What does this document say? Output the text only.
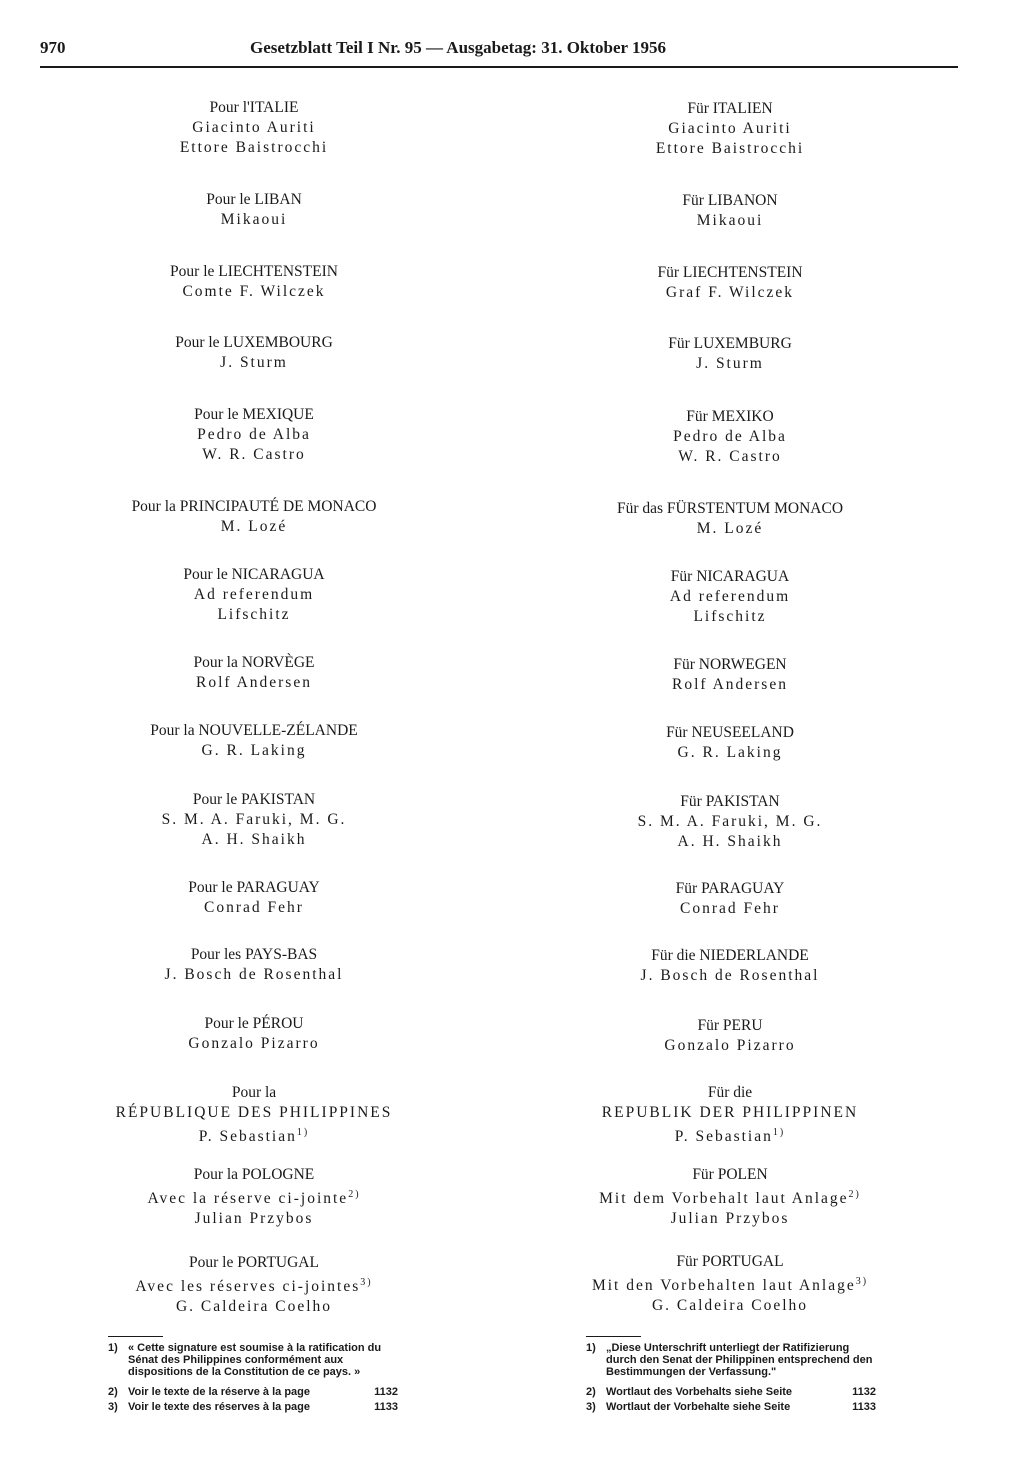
970	Gesetzblatt Teil I Nr. 95 — Ausgabetag: 31. Oktober 1956
Pour l'ITALIE
Giacinto Auriti
Ettore Baistrocchi
Pour le LIBAN
Mikaoui
Pour le LIECHTENSTEIN
Comte F. Wilczek
Pour le LUXEMBOURG
J. Sturm
Pour le MEXIQUE
Pedro de Alba
W. R. Castro
Pour la PRINCIPAUTÉ DE MONACO
M. Lozé
Pour le NICARAGUA
Ad referendum
Lifschitz
Pour la NORVÈGE
Rolf Andersen
Pour la NOUVELLE-ZÉLANDE
G. R. Laking
Pour le PAKISTAN
S. M. A. Faruki, M. G.
A. H. Shaikh
Pour le PARAGUAY
Conrad Fehr
Pour les PAYS-BAS
J. Bosch de Rosenthal
Pour le PÉROU
Gonzalo Pizarro
Pour la
RÉPUBLIQUE DES PHILIPPINES
P. Sebastian$^{1)}$
Pour la POLOGNE
Avec la réserve ci-jointe$^{2)}$
Julian Przybos
Pour le PORTUGAL
Avec les réserves ci-jointes$^{3)}$
G. Caldeira Coelho
Für ITALIEN
Giacinto Auriti
Ettore Baistrocchi
Für LIBANON
Mikaoui
Für LIECHTENSTEIN
Graf F. Wilczek
Für LUXEMBURG
J. Sturm
Für MEXIKO
Pedro de Alba
W. R. Castro
Für das FÜRSTENTUM MONACO
M. Lozé
Für NICARAGUA
Ad referendum
Lifschitz
Für NORWEGEN
Rolf Andersen
Für NEUSEELAND
G. R. Laking
Für PAKISTAN
S. M. A. Faruki, M. G.
A. H. Shaikh
Für PARAGUAY
Conrad Fehr
Für die NIEDERLANDE
J. Bosch de Rosenthal
Für PERU
Gonzalo Pizarro
Für die
REPUBLIK DER PHILIPPINEN
P. Sebastian$^{1)}$
Für POLEN
Mit dem Vorbehalt laut Anlage$^{2)}$
Julian Przybos
Für PORTUGAL
Mit den Vorbehalten laut Anlage$^{3)}$
G. Caldeira Coelho
1) « Cette signature est soumise à la ratification du Sénat des Philippines conformément aux dispositions de la Constitution de ce pays. »
2) Voir le texte de la réserve à la page	1132
3) Voir le texte des réserves à la page	1133
1) „Diese Unterschrift unterliegt der Ratifizierung durch den Senat der Philippinen entsprechend den Bestimmungen der Verfassung."
2) Wortlaut des Vorbehalts siehe Seite	1132
3) Wortlaut der Vorbehalte siehe Seite	1133
